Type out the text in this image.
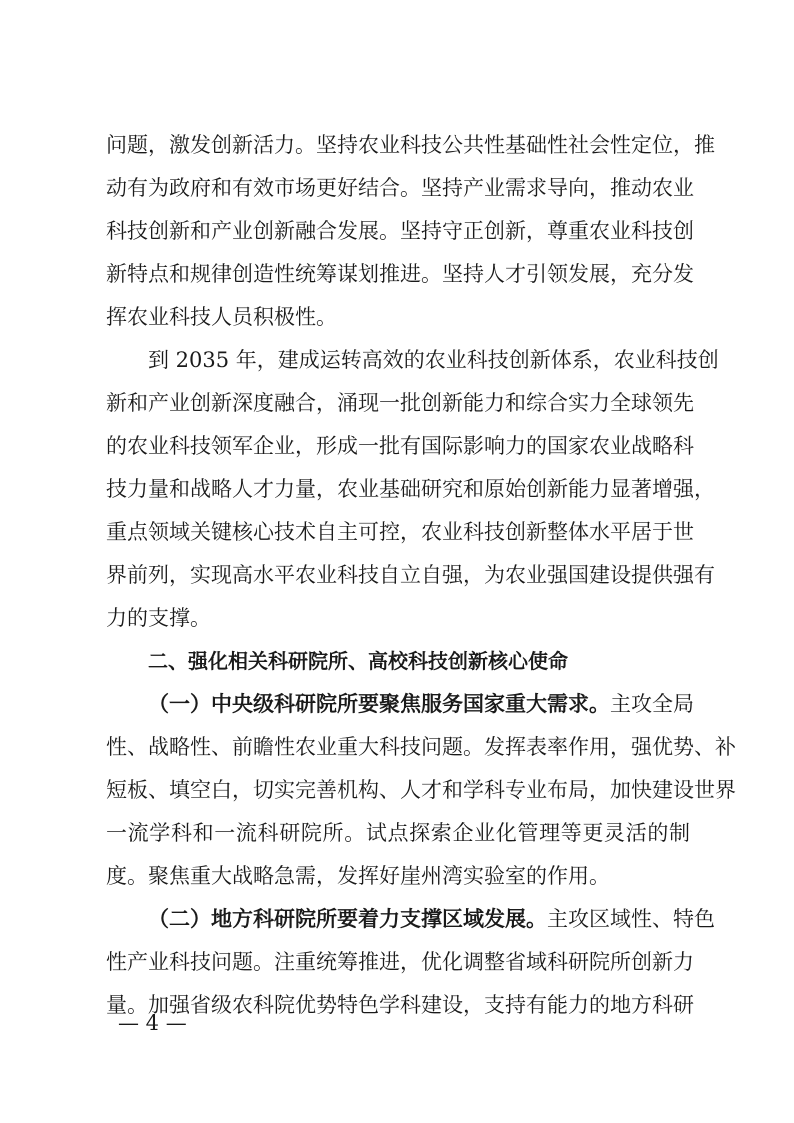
问题，激发创新活力。坚持农业科技公共性基础性社会性定位，推
动有为政府和有效市场更好结合。坚持产业需求导向，推动农业
科技创新和产业创新融合发展。坚持守正创新，尊重农业科技创
新特点和规律创造性统筹谋划推进。坚持人才引领发展，充分发
挥农业科技人员积极性。
到 2035 年，建成运转高效的农业科技创新体系，农业科技创
新和产业创新深度融合，涌现一批创新能力和综合实力全球领先
的农业科技领军企业，形成一批有国际影响力的国家农业战略科
技力量和战略人才力量，农业基础研究和原始创新能力显著增强，
重点领域关键核心技术自主可控，农业科技创新整体水平居于世
界前列，实现高水平农业科技自立自强，为农业强国建设提供强有
力的支撑。
二、强化相关科研院所、高校科技创新核心使命
（一）中央级科研院所要聚焦服务国家重大需求。主攻全局
性、战略性、前瞻性农业重大科技问题。发挥表率作用，强优势、补
短板、填空白，切实完善机构、人才和学科专业布局，加快建设世界
一流学科和一流科研院所。试点探索企业化管理等更灵活的制
度。聚焦重大战略急需，发挥好崖州湾实验室的作用。
（二）地方科研院所要着力支撑区域发展。主攻区域性、特色
性产业科技问题。注重统筹推进，优化调整省域科研院所创新力
量。加强省级农科院优势特色学科建设，支持有能力的地方科研
— 4 —
